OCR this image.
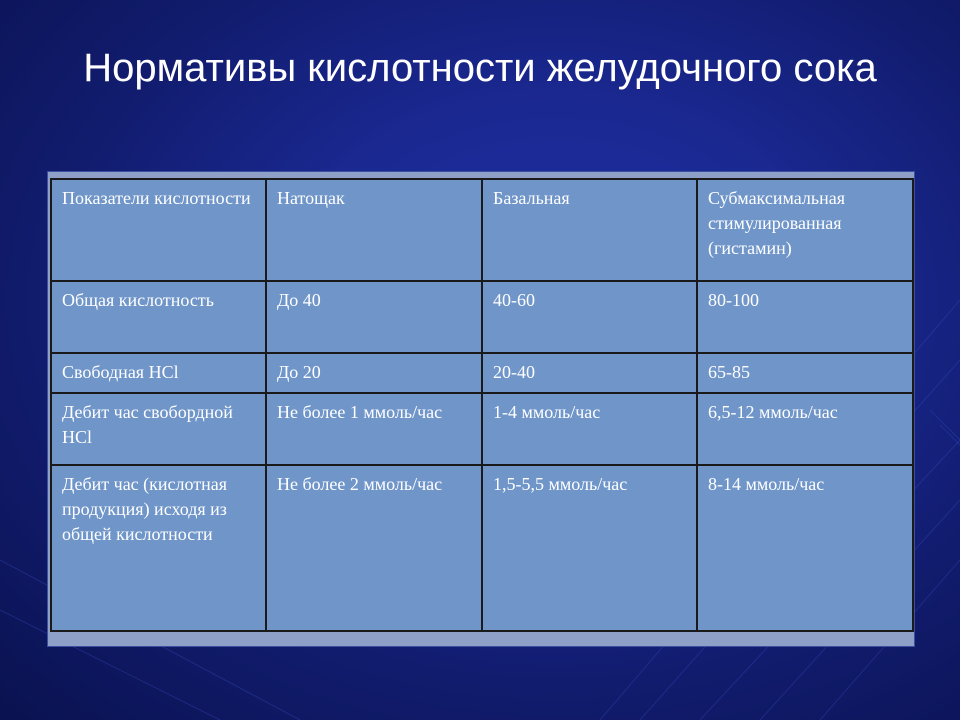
Нормативы кислотности желудочного сока
Показатели кислотности	Натощак	Базальная	Субмаксимальная стимулированная (гистамин)
Общая кислотность	До 40	40-60	80-100
Свободная HCl	До 20	20-40	65-85
Дебит час свобордной HCl	Не более 1 ммоль/час	1-4 ммоль/час	6,5-12 ммоль/час
Дебит час (кислотная продукция) исходя из общей кислотности	Не более 2 ммоль/час	1,5-5,5 ммоль/час	8-14 ммоль/час
